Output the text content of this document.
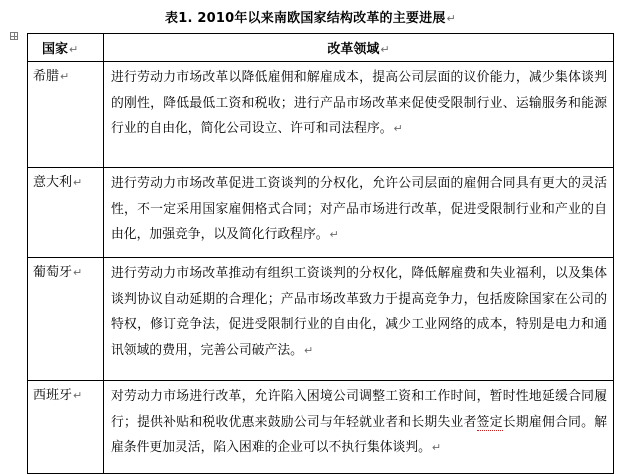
表1. 2010年以来南欧国家结构改革的主要进展↵
国家↵	改革领域↵
希腊↵	进行劳动力市场改革以降低雇佣和解雇成本，提高公司层面的议价能力，减少集体谈判的刚性，降低最低工资和税收；进行产品市场改革来促使受限制行业、运输服务和能源行业的自由化，简化公司设立、许可和司法程序。↵
意大利↵	进行劳动力市场改革促进工资谈判的分权化，允许公司层面的雇佣合同具有更大的灵活性，不一定采用国家雇佣格式合同；对产品市场进行改革，促进受限制行业和产业的自由化，加强竞争，以及简化行政程序。↵
葡萄牙↵	进行劳动力市场改革推动有组织工资谈判的分权化，降低解雇费和失业福利，以及集体谈判协议自动延期的合理化；产品市场改革致力于提高竞争力，包括废除国家在公司的特权，修订竞争法，促进受限制行业的自由化，减少工业网络的成本，特别是电力和通讯领域的费用，完善公司破产法。↵
西班牙↵	对劳动力市场进行改革，允许陷入困境公司调整工资和工作时间，暂时性地延缓合同履行；提供补贴和税收优惠来鼓励公司与年轻就业者和长期失业者签定长期雇佣合同。解雇条件更加灵活，陷入困难的企业可以不执行集体谈判。↵
